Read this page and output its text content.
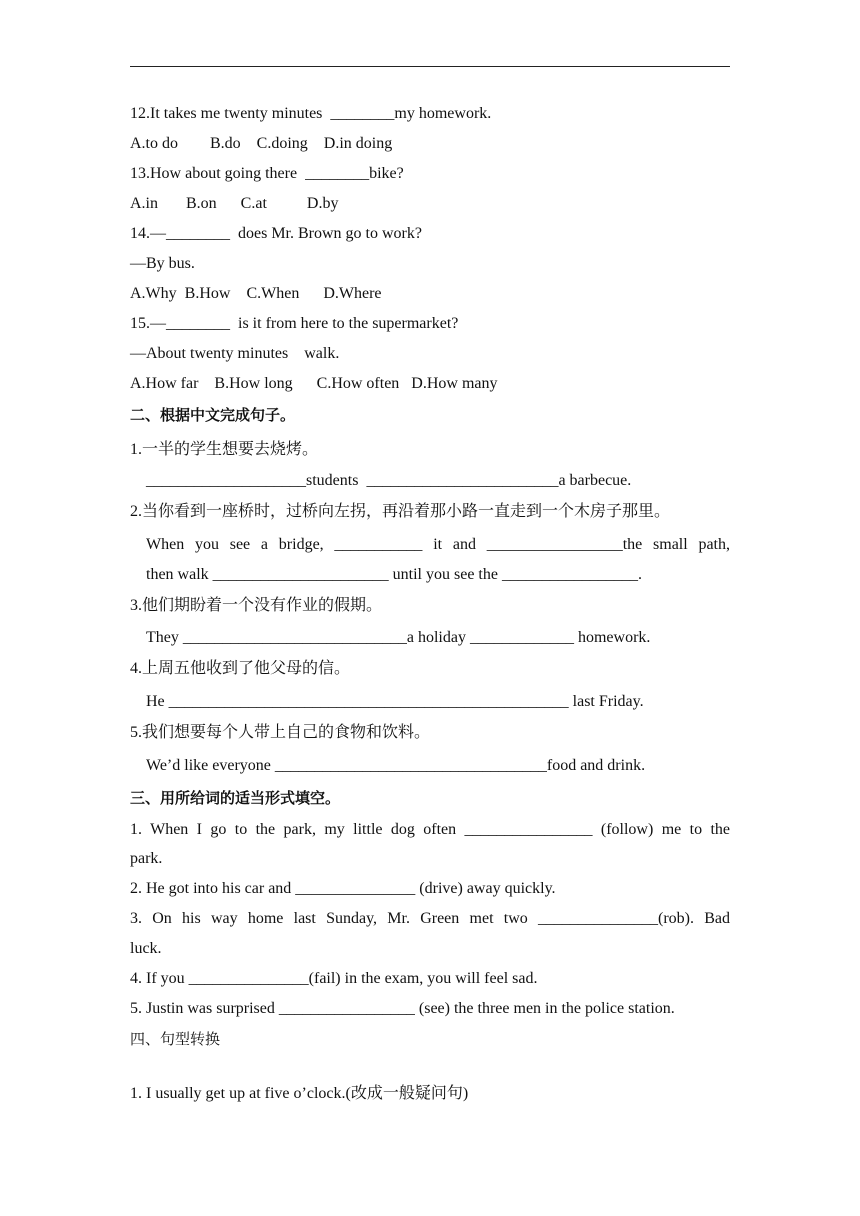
12.It takes me twenty minutes  ________my homework.
A.to do        B.do    C.doing    D.in doing
13.How about going there  ________bike?
A.in       B.on      C.at          D.by
14.—________  does Mr. Brown go to work?
—By bus.
A.Why  B.How    C.When      D.Where
15.—________  is it from here to the supermarket?
—About twenty minutes    walk.
A.How far    B.How long      C.How often   D.How many
二、根据中文完成句子。
1.一半的学生想要去烧烤。
____________________students  ________________________a barbecue.
2.当你看到一座桥时，过桥向左拐，再沿着那小路一直走到一个木房子那里。
When you see a bridge, ___________ it and _________________the small path,
then walk ______________________ until you see the _________________.
3.他们期盼着一个没有作业的假期。
They ____________________________a holiday _____________ homework.
4.上周五他收到了他父母的信。
He __________________________________________________ last Friday.
5.我们想要每个人带上自己的食物和饮料。
We’d like everyone __________________________________food and drink.
三、用所给词的适当形式填空。
1. When I go to the park, my little dog often ________________ (follow) me to the
park.
2. He got into his car and _______________ (drive) away quickly.
3. On his way home last Sunday, Mr. Green met two _______________(rob). Bad
luck.
4. If you _______________(fail) in the exam, you will feel sad.
5. Justin was surprised _________________ (see) the three men in the police station.
四、句型转换
1. I usually get up at five o’clock.(改成一般疑问句)
